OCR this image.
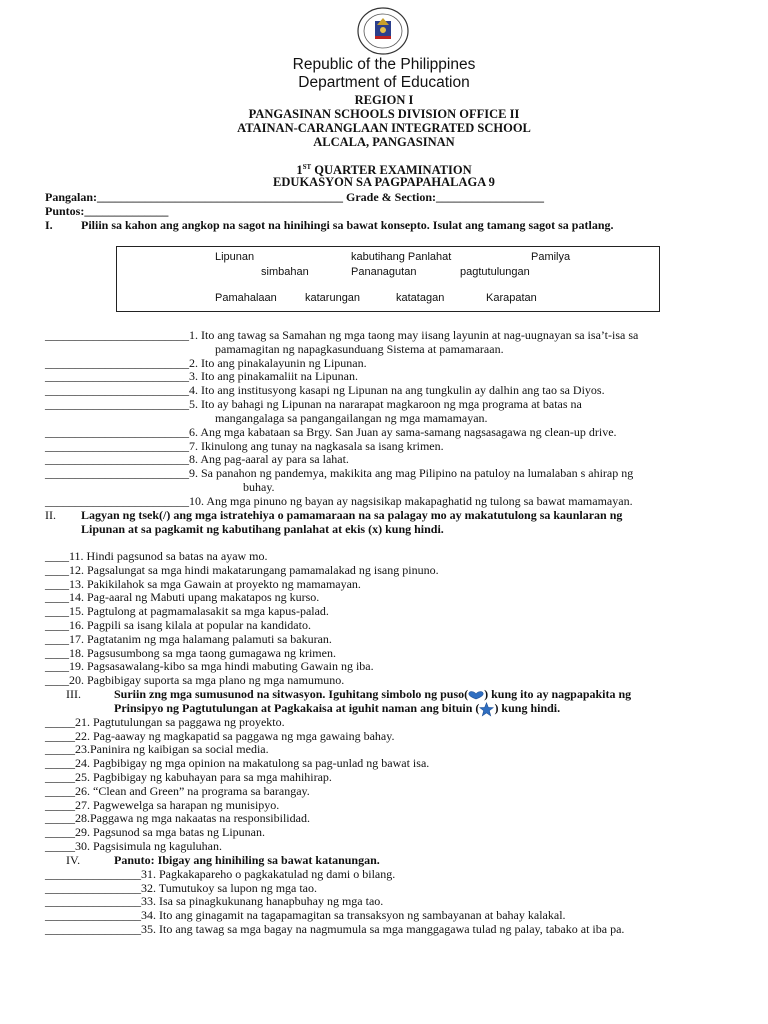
Republic of the Philippines
Department of Education
REGION I
PANGASINAN SCHOOLS DIVISION OFFICE II
ATAINAN-CARANGLAAN INTEGRATED SCHOOL
ALCALA, PANGASINAN
1ST QUARTER EXAMINATION
EDUKASYON SA PAGPAPAHALAGA 9
Pangalan:_________________________________________ Grade & Section:__________________
Puntos:______________
I. Piliin sa kahon ang angkop na sagot na hinihingi sa bawat konsepto. Isulat ang tamang sagot sa patlang.
Lipunan	kabutihang Panlahat	Pamilya
simbahan	Pananagutan	pagtutulungan
Pamahalaan	katarungan	katatagan	Karapatan
________________________1. Ito ang tawag sa Samahan ng mga taong may iisang layunin at nag-uugnayan sa isa’t-isa sa
pamamagitan ng napagkasunduang Sistema at pamamaraan.
________________________2. Ito ang pinakalayunin ng Lipunan.
________________________3. Ito ang pinakamaliit na Lipunan.
________________________4. Ito ang institusyong kasapi ng Lipunan na ang tungkulin ay dalhin ang tao sa Diyos.
________________________5. Ito ay bahagi ng Lipunan na nararapat magkaroon ng mga programa at batas na
mangangalaga sa pangangailangan ng mga mamamayan.
________________________6. Ang mga kabataan sa Brgy. San Juan ay sama-samang nagsasagawa ng clean-up drive.
________________________7. Ikinulong ang tunay na nagkasala sa isang krimen.
________________________8. Ang pag-aaral ay para sa lahat.
________________________9. Sa panahon ng pandemya, makikita ang mag Pilipino na patuloy na lumalaban s ahirap ng
buhay.
________________________10. Ang mga pinuno ng bayan ay nagsisikap makapaghatid ng tulong sa bawat mamamayan.
II. Lagyan ng tsek(/) ang mga istratehiya o pamamaraan na sa palagay mo ay makatutulong sa kaunlaran ng
Lipunan at sa pagkamit ng kabutihang panlahat at ekis (x) kung hindi.
____11. Hindi pagsunod sa batas na ayaw mo.
____12. Pagsalungat sa mga hindi makatarungang pamamalakad ng isang pinuno.
____13. Pakikilahok sa mga Gawain at proyekto ng mamamayan.
____14. Pag-aaral ng Mabuti upang makatapos ng kurso.
____15. Pagtulong at pagmamalasakit sa mga kapus-palad.
____16. Pagpili sa isang kilala at popular na kandidato.
____17. Pagtatanim ng mga halamang palamuti sa bakuran.
____18. Pagsusumbong sa mga taong gumagawa ng krimen.
____19. Pagsasawalang-kibo sa mga hindi mabuting Gawain ng iba.
____20. Pagbibigay suporta sa mga plano ng mga namumuno.
III.	Suriin zng mga sumusunod na sitwasyon. Iguhitang simbolo ng puso( ) kung ito ay nagpapakita ng
Prinsipyo ng Pagtutulungan at Pagkakaisa at iguhit naman ang bituin ( ) kung hindi.
_____21. Pagtutulungan sa paggawa ng proyekto.
_____22. Pag-aaway ng magkapatid sa paggawa ng mga gawaing bahay.
_____23.Paninira ng kaibigan sa social media.
_____24. Pagbibigay ng mga opinion na makatulong sa pag-unlad ng bawat isa.
_____25. Pagbibigay ng kabuhayan para sa mga mahihirap.
_____26. “Clean and Green” na programa sa barangay.
_____27. Pagwewelga sa harapan ng munisipyo.
_____28.Paggawa ng mga nakaatas na responsibilidad.
_____29. Pagsunod sa mga batas ng Lipunan.
_____30. Pagsisimula ng kaguluhan.
IV.	Panuto: Ibigay ang hinihiling sa bawat katanungan.
________________31. Pagkakapareho o pagkakatulad ng dami o bilang.
________________32. Tumutukoy sa lupon ng mga tao.
________________33. Isa sa pinagkukunang hanapbuhay ng mga tao.
________________34. Ito ang ginagamit na tagapamagitan sa transaksyon ng sambayanan at bahay kalakal.
________________35. Ito ang tawag sa mga bagay na nagmumula sa mga manggagawa tulad ng palay, tabako at iba pa.
